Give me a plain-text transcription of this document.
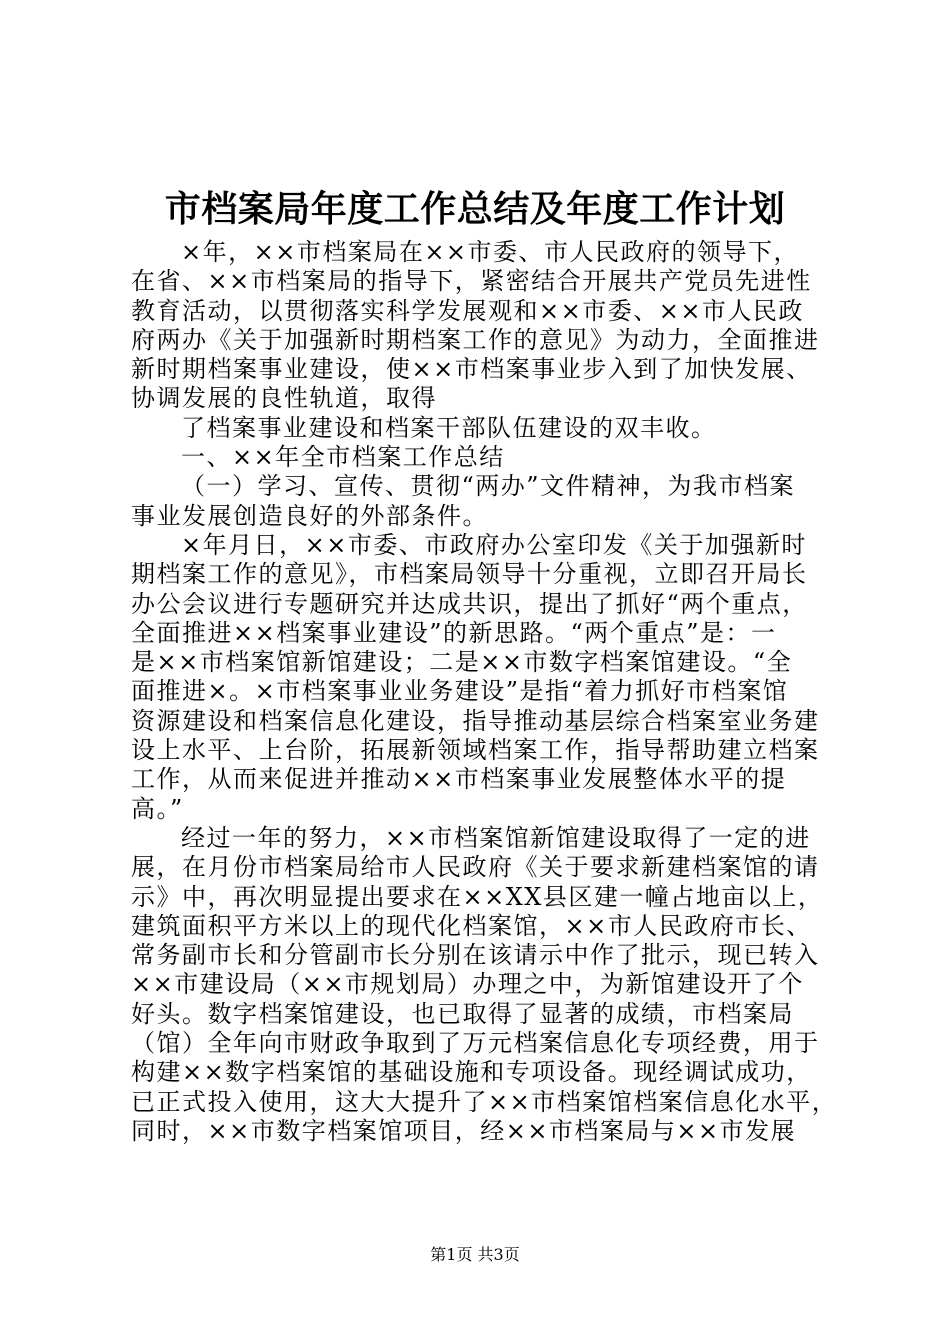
市档案局年度工作总结及年度工作计划
×年，××市档案局在××市委、市人民政府的领导下，
在省、××市档案局的指导下，紧密结合开展共产党员先进性
教育活动，以贯彻落实科学发展观和××市委、××市人民政
府两办《关于加强新时期档案工作的意见》为动力，全面推进
新时期档案事业建设，使××市档案事业步入到了加快发展、
协调发展的良性轨道，取得
了档案事业建设和档案干部队伍建设的双丰收。
一、××年全市档案工作总结
（一）学习、宣传、贯彻“两办”文件精神，为我市档案
事业发展创造良好的外部条件。
×年月日，××市委、市政府办公室印发《关于加强新时
期档案工作的意见》，市档案局领导十分重视，立即召开局长
办公会议进行专题研究并达成共识，提出了抓好“两个重点，
全面推进××档案事业建设”的新思路。“两个重点”是：一
是××市档案馆新馆建设；二是××市数字档案馆建设。“全
面推进×。×市档案事业业务建设”是指“着力抓好市档案馆
资源建设和档案信息化建设，指导推动基层综合档案室业务建
设上水平、上台阶，拓展新领域档案工作，指导帮助建立档案
工作，从而来促进并推动××市档案事业发展整体水平的提
高。”
经过一年的努力，××市档案馆新馆建设取得了一定的进
展，在月份市档案局给市人民政府《关于要求新建档案馆的请
示》中，再次明显提出要求在××XX县区建一幢占地亩以上，
建筑面积平方米以上的现代化档案馆，××市人民政府市长、
常务副市长和分管副市长分别在该请示中作了批示，现已转入
××市建设局（××市规划局）办理之中，为新馆建设开了个
好头。数字档案馆建设，也已取得了显著的成绩，市档案局
（馆）全年向市财政争取到了万元档案信息化专项经费，用于
构建××数字档案馆的基础设施和专项设备。现经调试成功，
已正式投入使用，这大大提升了××市档案馆档案信息化水平，
同时，××市数字档案馆项目，经××市档案局与××市发展
第1页 共3页
